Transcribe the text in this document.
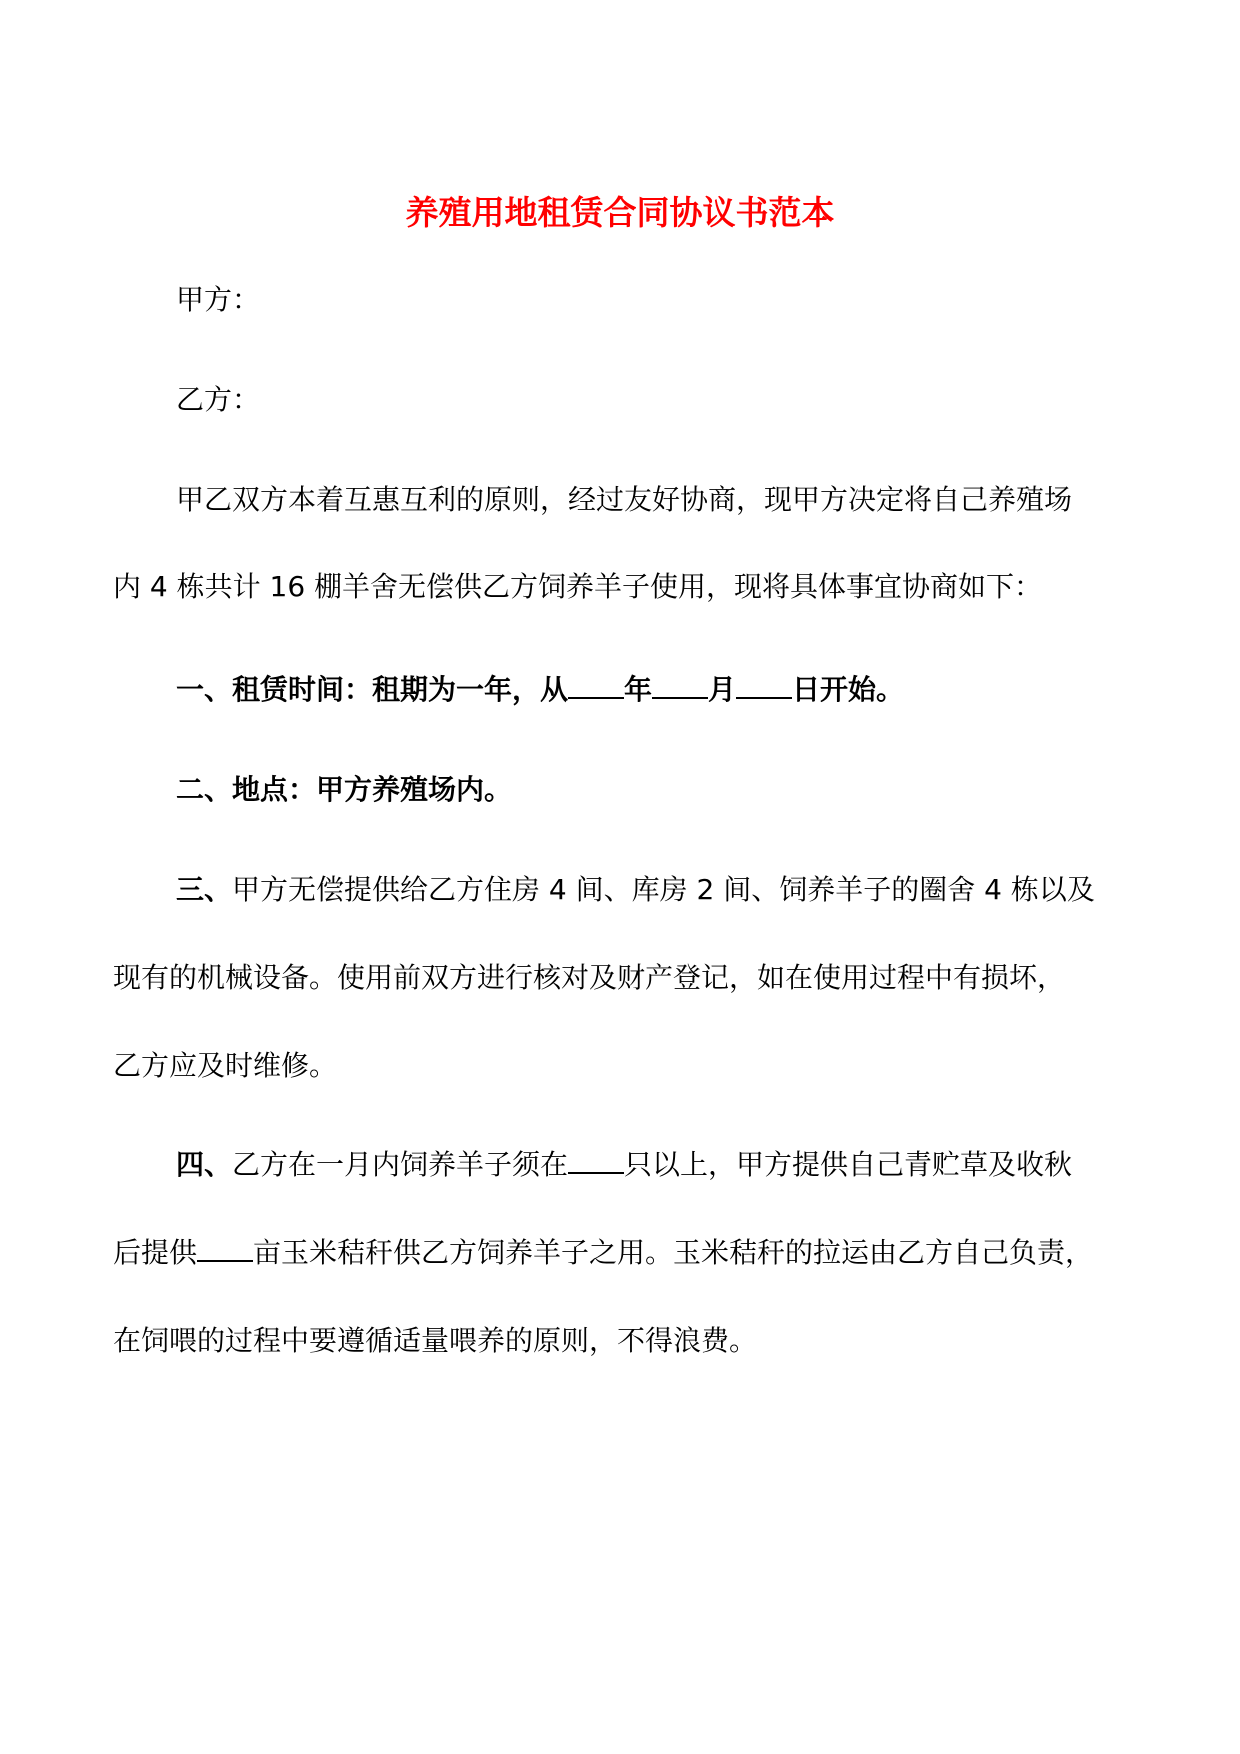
养殖用地租赁合同协议书范本

甲方：

乙方：

甲乙双方本着互惠互利的原则，经过友好协商，现甲方决定将自己养殖场

内 4 栋共计 16 棚羊舍无偿供乙方饲养羊子使用，现将具体事宜协商如下：

一、租赁时间：租期为一年，从 年 月 日开始。

二、地点：甲方养殖场内。

三、甲方无偿提供给乙方住房 4 间、库房 2 间、饲养羊子的圈舍 4 栋以及

现有的机械设备。使用前双方进行核对及财产登记，如在使用过程中有损坏，

乙方应及时维修。

四、乙方在一月内饲养羊子须在 只以上，甲方提供自己青贮草及收秋

后提供 亩玉米秸秆供乙方饲养羊子之用。玉米秸秆的拉运由乙方自己负责，

在饲喂的过程中要遵循适量喂养的原则，不得浪费。
